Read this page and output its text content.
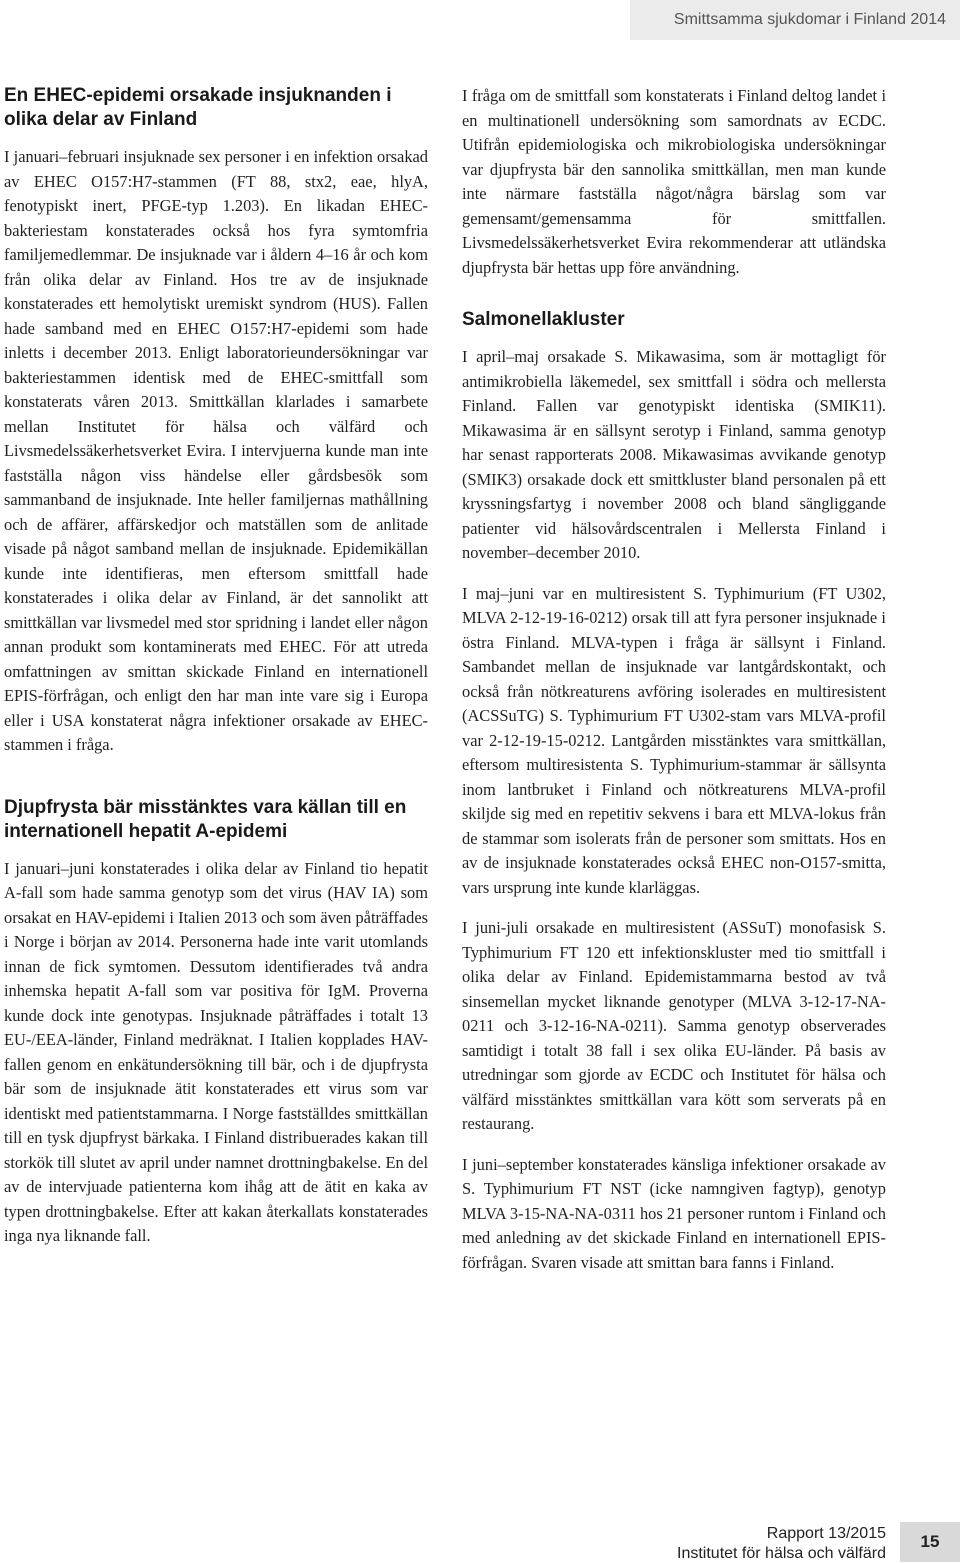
Smittsamma sjukdomar i Finland 2014
En EHEC-epidemi orsakade insjuknanden i olika delar av Finland

I januari–februari insjuknade sex personer i en infektion orsakad av EHEC O157:H7-stammen (FT 88, stx2, eae, hlyA, fenotypiskt inert, PFGE-typ 1.203). En likadan EHEC-bakteriestam konstaterades också hos fyra symtomfria familjemedlemmar. De insjuknade var i åldern 4–16 år och kom från olika delar av Finland. Hos tre av de insjuknade konstaterades ett hemolytiskt uremiskt syndrom (HUS). Fallen hade samband med en EHEC O157:H7-epidemi som hade inletts i december 2013. Enligt laboratorieundersökningar var bakteriestammen identisk med de EHEC-smittfall som konstaterats våren 2013. Smittkällan klarlades i samarbete mellan Institutet för hälsa och välfärd och Livsmedelssäkerhetsverket Evira. I intervjuerna kunde man inte fastställa någon viss händelse eller gårdsbesök som sammanband de insjuknade. Inte heller familjernas mathållning och de affärer, affärskedjor och matställen som de anlitade visade på något samband mellan de insjuknade. Epidemikällan kunde inte identifieras, men eftersom smittfall hade konstaterades i olika delar av Finland, är det sannolikt att smittkällan var livsmedel med stor spridning i landet eller någon annan produkt som kontaminerats med EHEC. För att utreda omfattningen av smittan skickade Finland en internationell EPIS-förfrågan, och enligt den har man inte vare sig i Europa eller i USA konstaterat några infektioner orsakade av EHEC-stammen i fråga.

Djupfrysta bär misstänktes vara källan till en internationell hepatit A-epidemi

I januari–juni konstaterades i olika delar av Finland tio hepatit A-fall som hade samma genotyp som det virus (HAV IA) som orsakat en HAV-epidemi i Italien 2013 och som även påträffades i Norge i början av 2014. Personerna hade inte varit utomlands innan de fick symtomen. Dessutom identifierades två andra inhemska hepatit A-fall som var positiva för IgM. Proverna kunde dock inte genotypas. Insjuknade påträffades i totalt 13 EU-/EEA-länder, Finland medräknat. I Italien kopplades HAV-fallen genom en enkätundersökning till bär, och i de djupfrysta bär som de insjuknade ätit konstaterades ett virus som var identiskt med patientstammarna. I Norge fastställdes smittkällan till en tysk djupfryst bärkaka. I Finland distribuerades kakan till storkök till slutet av april under namnet drottningbakelse. En del av de intervjuade patienterna kom ihåg att de ätit en kaka av typen drottningbakelse. Efter att kakan återkallats konstaterades inga nya liknande fall.

I fråga om de smittfall som konstaterats i Finland deltog landet i en multinationell undersökning som samordnats av ECDC. Utifrån epidemiologiska och mikrobiologiska undersökningar var djupfrysta bär den sannolika smittkällan, men man kunde inte närmare fastställa något/några bärslag som var gemensamt/gemensamma för smittfallen. Livsmedelssäkerhetsverket Evira rekommenderar att utländska djupfrysta bär hettas upp före användning.

Salmonellakluster

I april–maj orsakade S. Mikawasima, som är mottagligt för antimikrobiella läkemedel, sex smittfall i södra och mellersta Finland. Fallen var genotypiskt identiska (SMIK11). Mikawasima är en sällsynt serotyp i Finland, samma genotyp har senast rapporterats 2008. Mikawasimas avvikande genotyp (SMIK3) orsakade dock ett smittkluster bland personalen på ett kryssningsfartyg i november 2008 och bland sängliggande patienter vid hälsovårdscentralen i Mellersta Finland i november–december 2010.

I maj–juni var en multiresistent S. Typhimurium (FT U302, MLVA 2-12-19-16-0212) orsak till att fyra personer insjuknade i östra Finland. MLVA-typen i fråga är sällsynt i Finland. Sambandet mellan de insjuknade var lantgårdskontakt, och också från nötkreaturens avföring isolerades en multiresistent (ACSSuTG) S. Typhimurium FT U302-stam vars MLVA-profil var 2-12-19-15-0212. Lantgården misstänktes vara smittkällan, eftersom multiresistenta S. Typhimurium-stammar är sällsynta inom lantbruket i Finland och nötkreaturens MLVA-profil skiljde sig med en repetitiv sekvens i bara ett MLVA-lokus från de stammar som isolerats från de personer som smittats. Hos en av de insjuknade konstaterades också EHEC non-O157-smitta, vars ursprung inte kunde klarläggas.

I juni-juli orsakade en multiresistent (ASSuT) monofasisk S. Typhimurium FT 120 ett infektionskluster med tio smittfall i olika delar av Finland. Epidemistammarna bestod av två sinsemellan mycket liknande genotyper (MLVA 3-12-17-NA-0211 och 3-12-16-NA-0211). Samma genotyp observerades samtidigt i totalt 38 fall i sex olika EU-länder. På basis av utredningar som gjorde av ECDC och Institutet för hälsa och välfärd misstänktes smittkällan vara kött som serverats på en restaurang.

I juni–september konstaterades känsliga infektioner orsakade av S. Typhimurium FT NST (icke namngiven fagtyp), genotyp MLVA 3-15-NA-NA-0311 hos 21 personer runtom i Finland och med anledning av det skickade Finland en internationell EPIS-förfrågan. Svaren visade att smittan bara fanns i Finland.

Rapport 13/2015
Institutet för hälsa och välfärd
15
